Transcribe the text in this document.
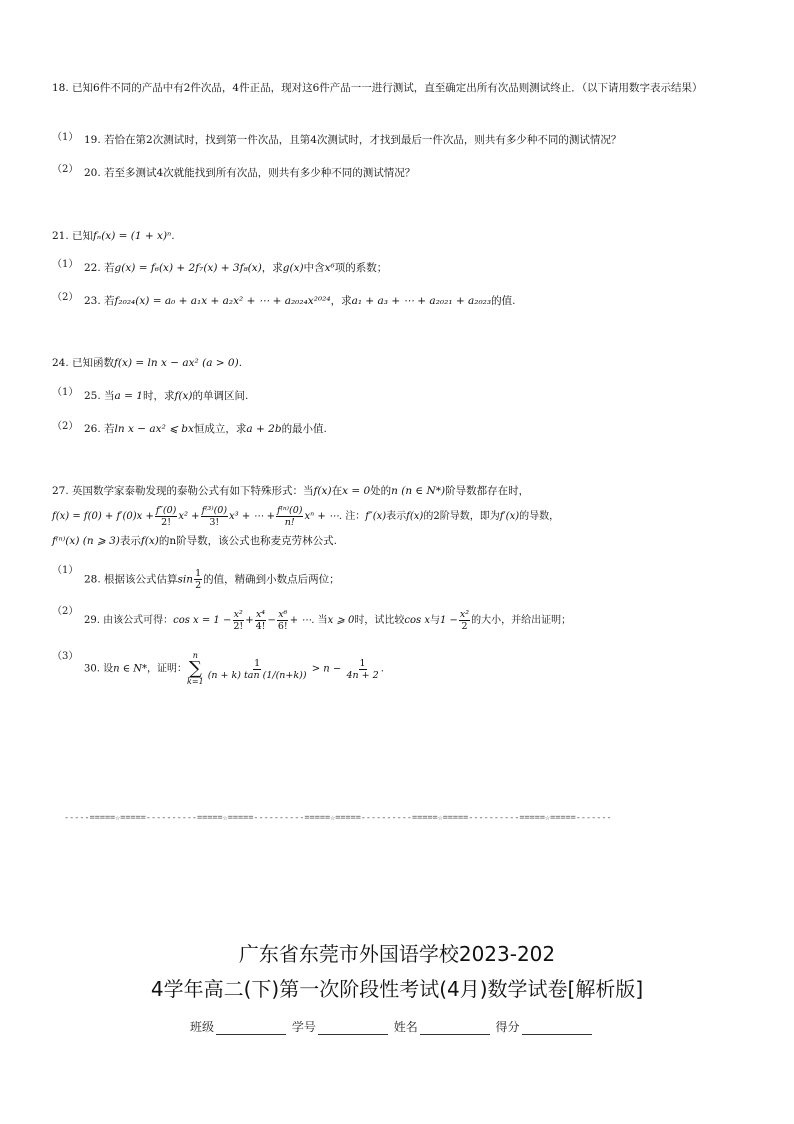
18. 已知6件不同的产品中有2件次品，4件正品，现对这6件产品一一进行测试，直至确定出所有次品则测试终止．（以下请用数字表示结果）
（1） 19. 若恰在第2次测试时，找到第一件次品，且第4次测试时，才找到最后一件次品，则共有多少种不同的测试情况？
（2） 20. 若至多测试4次就能找到所有次品，则共有多少种不同的测试情况？
21. 已知fₙ(x) = (1 + x)ⁿ.
（1） 22. 若g(x) = f₆(x) + 2f₇(x) + 3f₈(x)，求g(x)中含x⁶项的系数；
（2） 23. 若f₂₀₂₄(x) = a₀ + a₁x + a₂x² + ⋯ + a₂₀₂₄x²⁰²⁴，求a₁ + a₃ + ⋯ + a₂₀₂₁ + a₂₀₂₃的值.
24. 已知函数f(x) = ln x − ax² (a > 0).
（1） 25. 当a = 1时，求f(x)的单调区间.
（2） 26. 若ln x − ax² ⩽ bx恒成立，求a + 2b的最小值.
27. 英国数学家泰勒发现的泰勒公式有如下特殊形式：当f(x)在x = 0处的n (n ∈ N*)阶导数都存在时，
$f(x) = f(0) + f'(0)x + \frac{f''(0)}{2!} x^2 + \frac{\text{f⁽³⁾(0)}}{3!} x^3$ + ⋯ + $\frac{\text{f⁽ⁿ⁾(0)}}{n!}$ xⁿ + ⋯. 注：f″(x)表示f(x)的2阶导数，即为f′(x)的导数，
f⁽ⁿ⁾(x) (n ⩾ 3)表示f(x)的n阶导数，该公式也称麦克劳林公式.
（1）
28. 根据该公式估算$\sin \frac{1}{2}$ 的值，精确到小数点后两位；
（2）
29. 由该公式可得：$\cos x = 1 - \frac{\text{x²}}{2!} + \frac{\text{x⁴}}{4!} - \frac{\text{x⁶}}{6!}$ + ⋯. 当x ⩾ 0时，试比较cos x与$1 - \frac{\text{x²}}{2}$ 的大小，并给出证明；
（3）
30. 设n ∈ N*，证明：
n
∑
k=1
$\frac{1}{(n + k) \tan (1/(n+k))} > n - \frac{1}{4n + 2}$ .
-----=====☆=====----------=====☆=====----------=====☆=====----------=====☆=====----------=====☆=====-------
广东省东莞市外国语学校2023-202
4学年高二(下)第一次阶段性考试(4月)数学试卷[解析版]
班级	学号	姓名	得分
